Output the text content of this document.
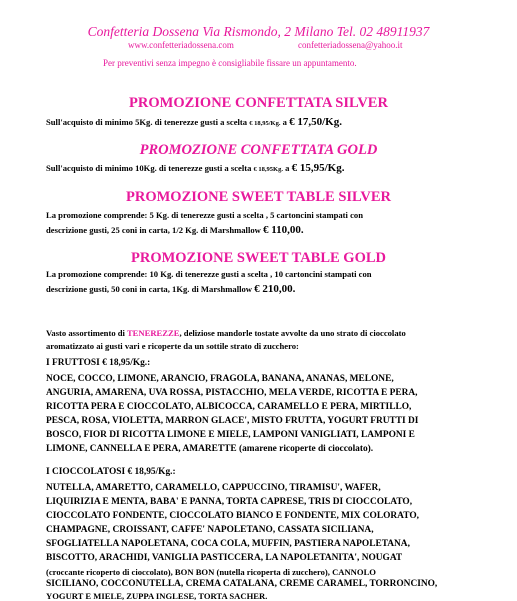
Confetteria Dossena Via Rismondo, 2 Milano Tel. 02 48911937

www.confetteriadossena.com	confetteriadossena@yahoo.it

Per preventivi senza impegno è consigliabile fissare un appuntamento.

PROMOZIONE CONFETTATA SILVER

Sull'acquisto di minimo 5Kg. di tenerezze gusti a scelta € 18,95/Kg. a € 17,50/Kg.

PROMOZIONE CONFETTATA GOLD

Sull'acquisto di minimo 10Kg. di tenerezze gusti a scelta € 18,95Kg. a € 15,95/Kg.

PROMOZIONE SWEET TABLE SILVER

La promozione comprende: 5 Kg. di tenerezze gusti a scelta , 5 cartoncini stampati con

descrizione gusti, 25 coni in carta, 1/2 Kg. di Marshmallow € 110,00.

PROMOZIONE SWEET TABLE GOLD

La promozione comprende: 10 Kg. di tenerezze gusti a scelta , 10 cartoncini stampati con

descrizione gusti, 50 coni in carta, 1Kg. di Marshmallow € 210,00.

Vasto assortimento di TENEREZZE, deliziose mandorle tostate avvolte da uno strato di cioccolato

aromatizzato ai gusti vari e ricoperte da un sottile strato di zucchero:

I FRUTTOSI € 18,95/Kg.:

NOCE, COCCO, LIMONE, ARANCIO, FRAGOLA, BANANA, ANANAS, MELONE,

ANGURIA, AMARENA, UVA ROSSA, PISTACCHIO, MELA VERDE, RICOTTA E PERA,

RICOTTA PERA E CIOCCOLATO, ALBICOCCA, CARAMELLO E PERA, MIRTILLO,

PESCA, ROSA, VIOLETTA, MARRON GLACE', MISTO FRUTTA, YOGURT FRUTTI DI

BOSCO, FIOR DI RICOTTA LIMONE E MIELE, LAMPONI VANIGLIATI, LAMPONI E

LIMONE, CANNELLA E PERA, AMARETTE (amarene ricoperte di cioccolato).

I CIOCCOLATOSI € 18,95/Kg.:

NUTELLA, AMARETTO, CARAMELLO, CAPPUCCINO, TIRAMISU', WAFER,

LIQUIRIZIA E MENTA, BABA' E PANNA, TORTA CAPRESE, TRIS DI CIOCCOLATO,

CIOCCOLATO FONDENTE, CIOCCOLATO BIANCO E FONDENTE, MIX COLORATO,

CHAMPAGNE, CROISSANT, CAFFE' NAPOLETANO, CASSATA SICILIANA,

SFOGLIATELLA NAPOLETANA, COCA COLA, MUFFIN, PASTIERA NAPOLETANA,

BISCOTTO, ARACHIDI, VANIGLIA PASTICCERA, LA NAPOLETANITA', NOUGAT

(croccante ricoperto di cioccolato), BON BON (nutella ricoperta di zucchero), CANNOLO

SICILIANO, COCCONUTELLA, CREMA CATALANA, CREME CARAMEL, TORRONCINO,

YOGURT E MIELE, ZUPPA INGLESE, TORTA SACHER.
